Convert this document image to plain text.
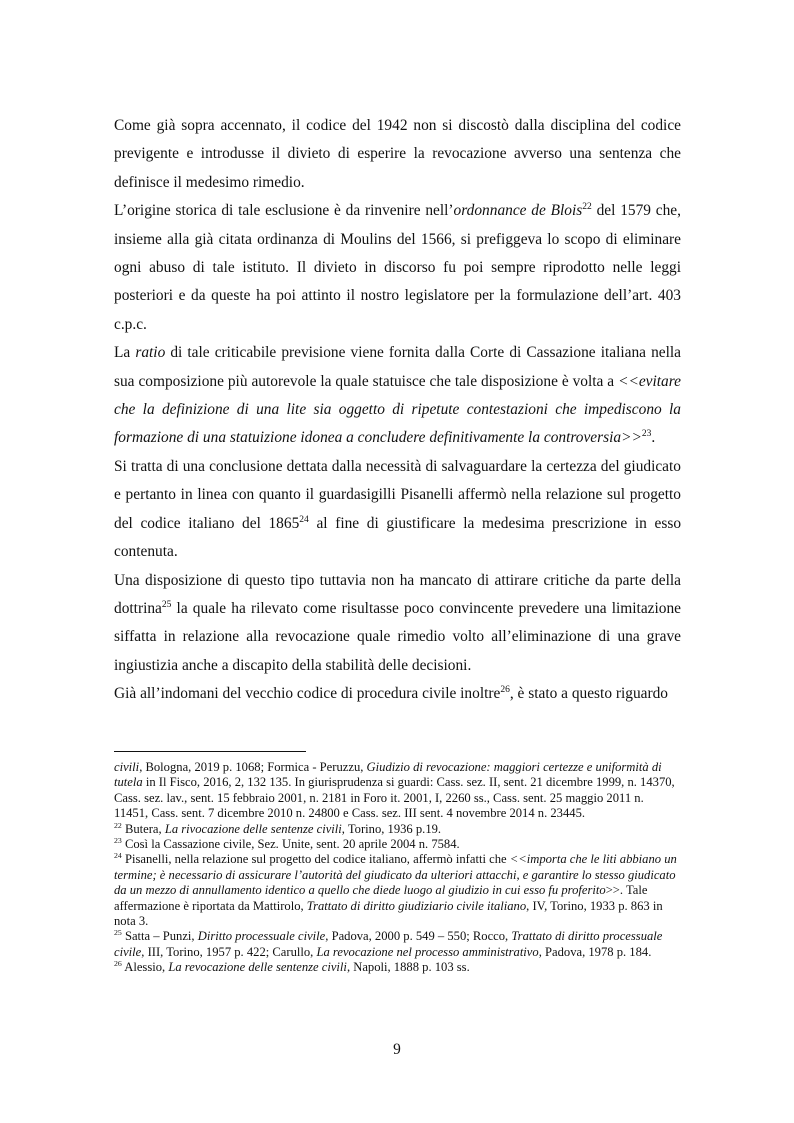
Come già sopra accennato, il codice del 1942 non si discostò dalla disciplina del codice previgente e introdusse il divieto di esperire la revocazione avverso una sentenza che definisce il medesimo rimedio.

L’origine storica di tale esclusione è da rinvenire nell’ordonnance de Blois$^{22}$ del 1579 che, insieme alla già citata ordinanza di Moulins del 1566, si prefiggeva lo scopo di eliminare ogni abuso di tale istituto. Il divieto in discorso fu poi sempre riprodotto nelle leggi posteriori e da queste ha poi attinto il nostro legislatore per la formulazione dell’art. 403 c.p.c.

La ratio di tale criticabile previsione viene fornita dalla Corte di Cassazione italiana nella sua composizione più autorevole la quale statuisce che tale disposizione è volta a <<evitare che la definizione di una lite sia oggetto di ripetute contestazioni che impediscono la formazione di una statuizione idonea a concludere definitivamente la controversia>>$^{23}$.

Si tratta di una conclusione dettata dalla necessità di salvaguardare la certezza del giudicato e pertanto in linea con quanto il guardasigilli Pisanelli affermò nella relazione sul progetto del codice italiano del 1865$^{24}$ al fine di giustificare la medesima prescrizione in esso contenuta.

Una disposizione di questo tipo tuttavia non ha mancato di attirare critiche da parte della dottrina$^{25}$ la quale ha rilevato come risultasse poco convincente prevedere una limitazione siffatta in relazione alla revocazione quale rimedio volto all’eliminazione di una grave ingiustizia anche a discapito della stabilità delle decisioni.

Già all’indomani del vecchio codice di procedura civile inoltre$^{26}$, è stato a questo riguardo

civili, Bologna, 2019 p. 1068; Formica - Peruzzu, Giudizio di revocazione: maggiori certezze e uniformità di tutela in Il Fisco, 2016, 2, 132 135. In giurisprudenza si guardi: Cass. sez. II, sent. 21 dicembre 1999, n. 14370, Cass. sez. lav., sent. 15 febbraio 2001, n. 2181 in Foro it. 2001, I, 2260 ss., Cass. sent. 25 maggio 2011 n. 11451, Cass. sent. 7 dicembre 2010 n. 24800 e Cass. sez. III sent. 4 novembre 2014 n. 23445.

$^{22}$ Butera, La rivocazione delle sentenze civili, Torino, 1936 p.19.

$^{23}$ Così la Cassazione civile, Sez. Unite, sent. 20 aprile 2004 n. 7584.

$^{24}$ Pisanelli, nella relazione sul progetto del codice italiano, affermò infatti che <<importa che le liti abbiano un termine; è necessario di assicurare l’autorità del giudicato da ulteriori attacchi, e garantire lo stesso giudicato da un mezzo di annullamento identico a quello che diede luogo al giudizio in cui esso fu proferito>>. Tale affermazione è riportata da Mattirolo, Trattato di diritto giudiziario civile italiano, IV, Torino, 1933 p. 863 in nota 3.

$^{25}$ Satta – Punzi, Diritto processuale civile, Padova, 2000 p. 549 – 550; Rocco, Trattato di diritto processuale civile, III, Torino, 1957 p. 422; Carullo, La revocazione nel processo amministrativo, Padova, 1978 p. 184.

$^{26}$ Alessio, La revocazione delle sentenze civili, Napoli, 1888 p. 103 ss.

9
